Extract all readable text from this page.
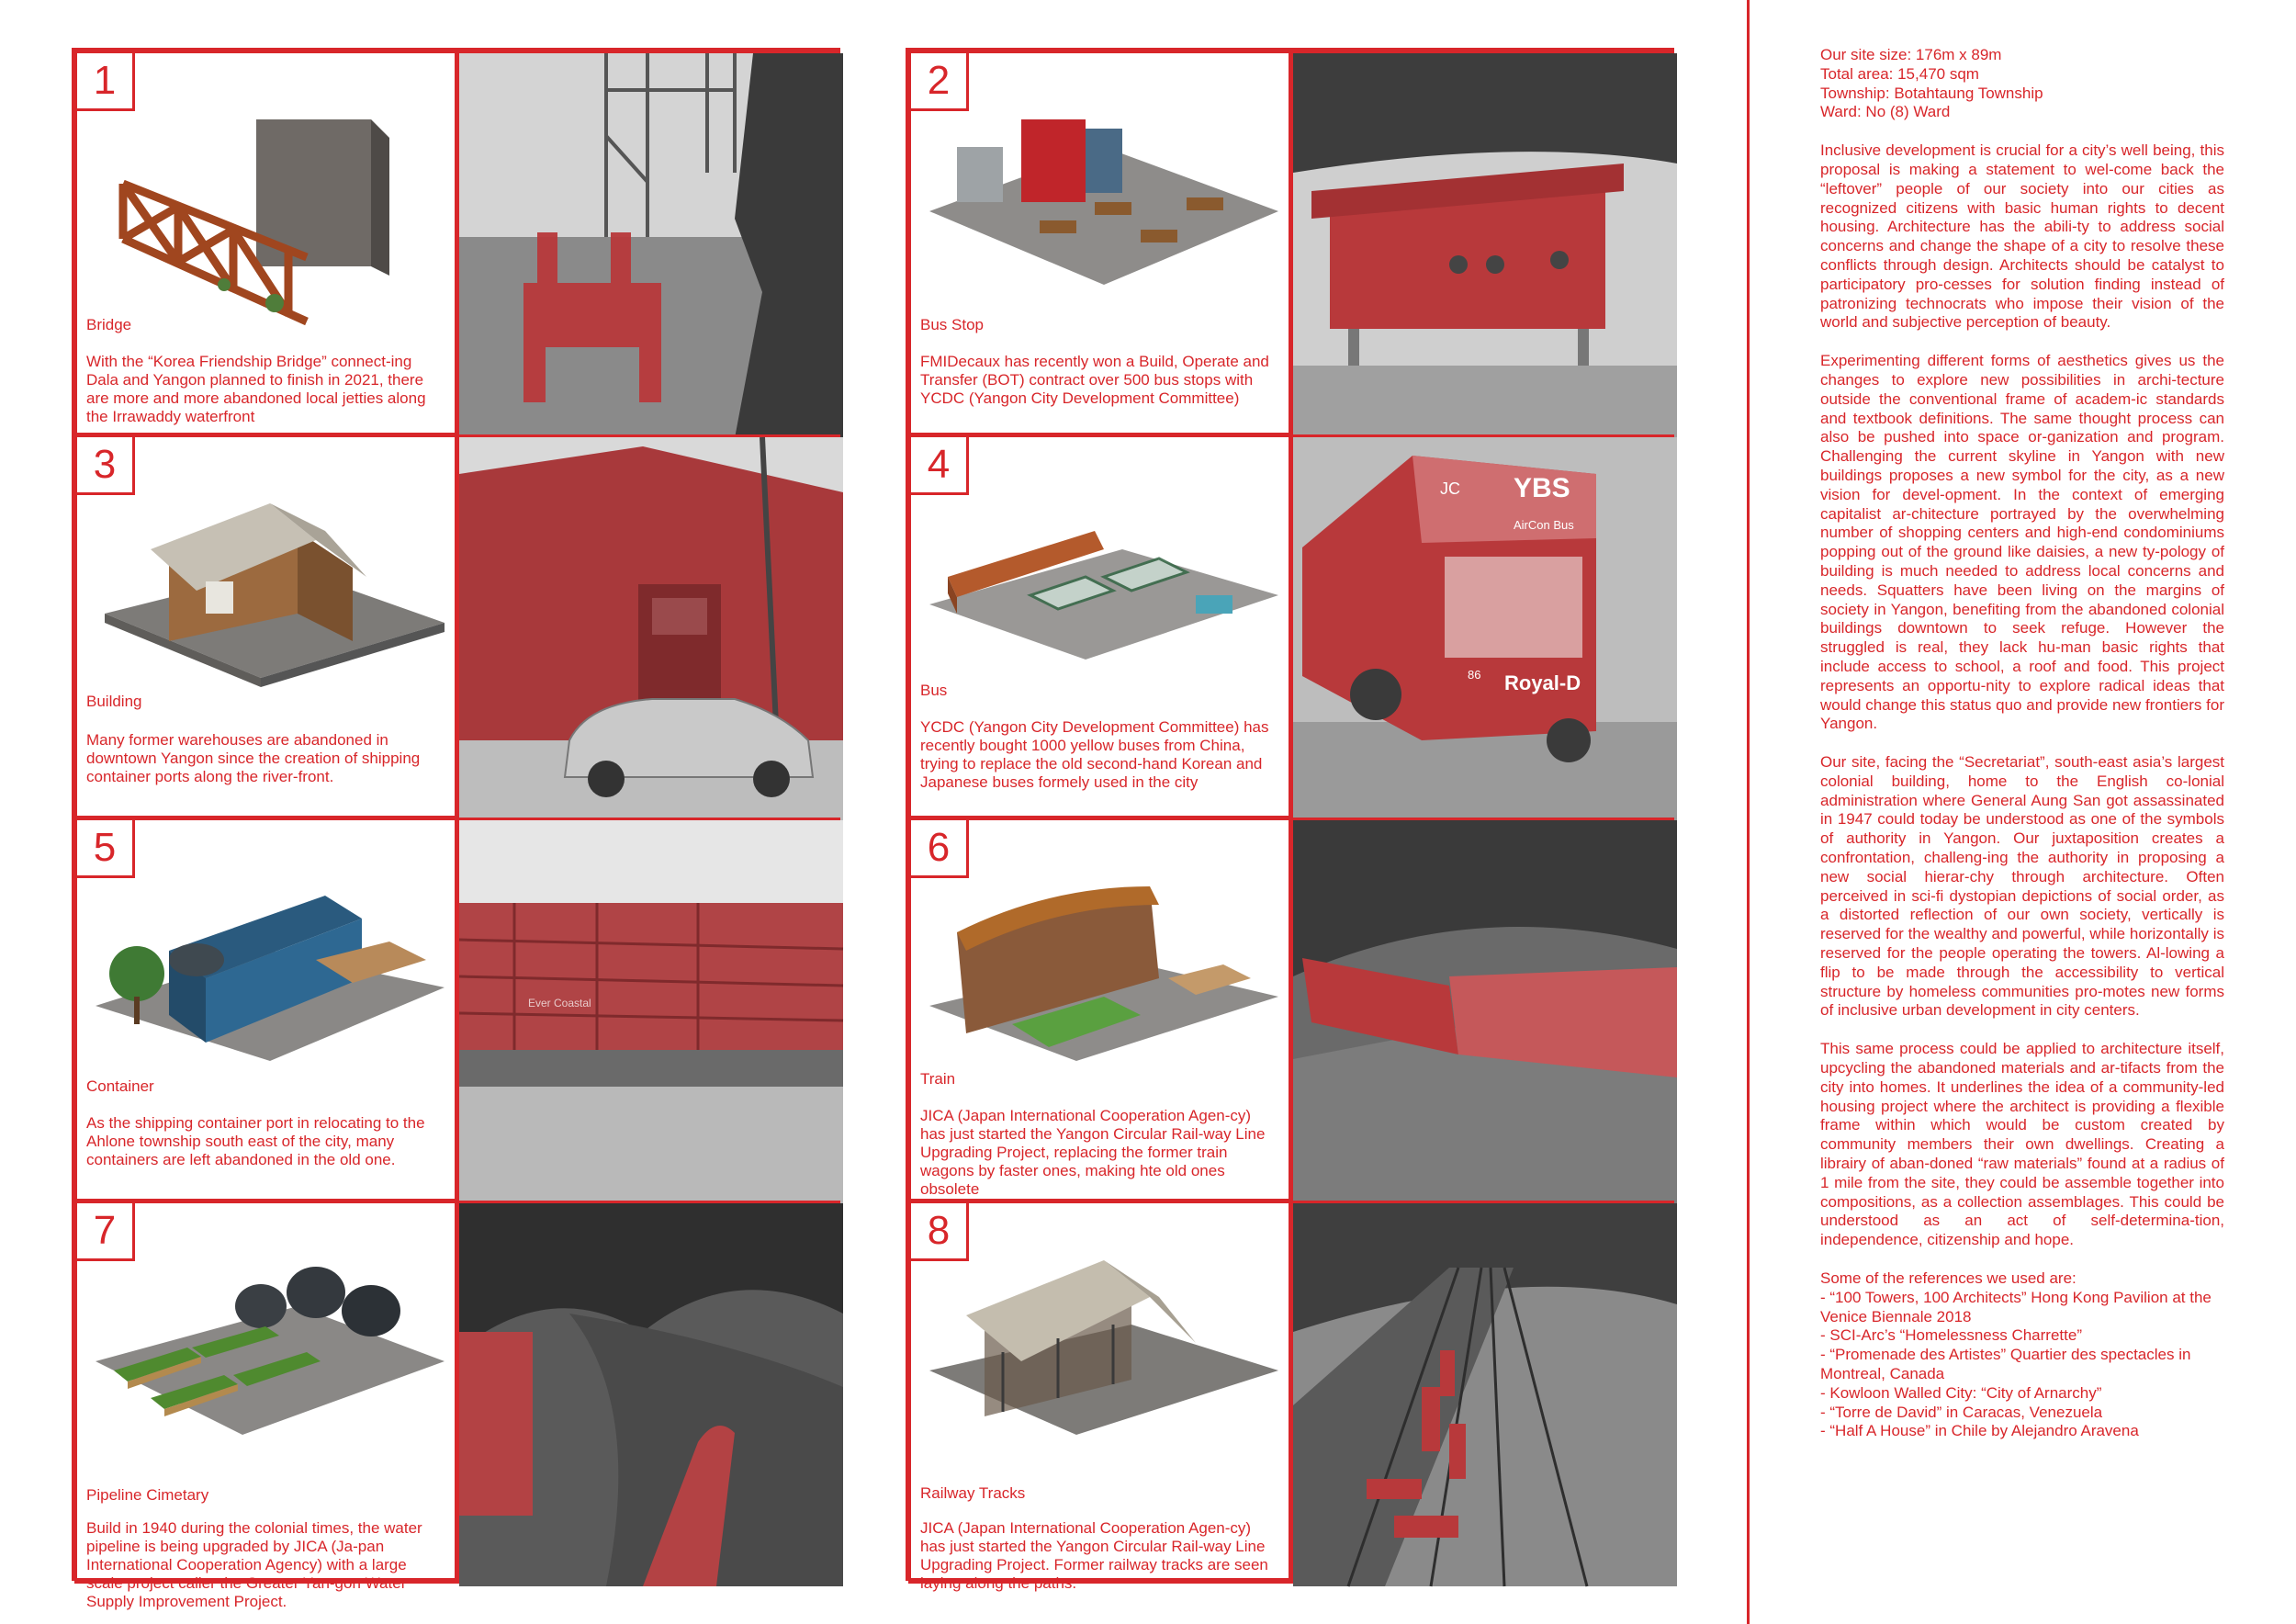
1
Bridge
With the “Korea Friendship Bridge” connect-ing Dala and Yangon planned to finish in 2021, there are more and more abandoned local jetties along the Irrawaddy waterfront
3
Building
Many former warehouses are abandoned in downtown Yangon since the creation of shipping container ports along the river-front.
5
Container
As the shipping container port in relocating to the Ahlone township south east of the city, many containers are left abandoned in the old one.
Ever Coastal
7
Pipeline Cimetary
Build in 1940 during the colonial times, the water pipeline is being upgraded by JICA (Ja-pan International Cooperation Agency) with a large scale project caller the Greater Yan-gon Water Supply Improvement Project.
2
Bus Stop
FMIDecaux has recently won a Build, Operate and Transfer (BOT) contract over 500 bus stops with YCDC (Yangon City Development Committee)
4
Bus
YCDC (Yangon City Development Committee) has recently bought 1000 yellow buses from China, trying to replace the old second-hand Korean and Japanese buses formely used in the city
YBS
JC
AirCon Bus
Royal-D
86
6
Train
JICA (Japan International Cooperation Agen-cy) has just started the Yangon Circular Rail-way Line Upgrading Project, replacing the former train wagons by faster ones, making hte old ones obsolete
8
Railway Tracks
JICA (Japan International Cooperation Agen-cy) has just started the Yangon Circular Rail-way Line Upgrading Project. Former railway tracks are seen laying along the paths.
Our site size: 176m x 89m
Total area: 15,470 sqm
Township: Botahtaung Township
Ward: No (8) Ward

Inclusive development is crucial for a city’s well being, this proposal is making a statement to wel-come back the “leftover” people of our society into our cities as recognized citizens with basic human rights to decent housing. Architecture has the abili-ty to address social concerns and change the shape of a city to resolve these conflicts through design. Architects should be catalyst to participatory pro-cesses for solution finding instead of patronizing technocrats who impose their vision of the world and subjective perception of beauty.

Experimenting different forms of aesthetics gives us the changes to explore new possibilities in archi-tecture outside the conventional frame of academ-ic standards and textbook definitions. The same thought process can also be pushed into space or-ganization and program. Challenging the current skyline in Yangon with new buildings proposes a new symbol for the city, as a new vision for devel-opment. In the context of emerging capitalist ar-chitecture portrayed by the overwhelming number of shopping centers and high-end condominiums popping out of the ground like daisies, a new ty-pology of building is much needed to address local concerns and needs. Squatters have been living on the margins of society in Yangon, benefiting from the abandoned colonial buildings downtown to seek refuge. However the struggled is real, they lack hu-man basic rights that include access to school, a roof and food. This project represents an opportu-nity to explore radical ideas that would change this status quo and provide new frontiers for Yangon.

Our site, facing the “Secretariat”, south-east asia’s largest colonial building, home to the English co-lonial administration where General Aung San got assassinated in 1947 could today be understood as one of the symbols of authority in Yangon. Our juxtaposition creates a confrontation, challeng-ing the authority in proposing a new social hierar-chy through architecture. Often perceived in sci-fi dystopian depictions of social order, as a distorted reflection of our own society, vertically is reserved for the wealthy and powerful, while horizontally is reserved for the people operating the towers. Al-lowing a flip to be made through the accessibility to vertical structure by homeless communities pro-motes new forms of inclusive urban development in city centers.

This same process could be applied to architecture itself, upcycling the abandoned materials and ar-tifacts from the city into homes. It underlines the idea of a community-led housing project where the architect is providing a flexible frame within which would be custom created by community members their own dwellings. Creating a librairy of aban-doned “raw materials” found at a radius of 1 mile from the site, they could be assemble together into compositions, as a collection assemblages. This could be understood as an act of self-determina-tion, independence, citizenship and hope.

Some of the references we used are:
- “100 Towers, 100 Architects” Hong Kong Pavilion at the Venice Biennale 2018
- SCI-Arc’s “Homelessness Charrette”
- “Promenade des Artistes” Quartier des spectacles in Montreal, Canada
- Kowloon Walled City: “City of Arnarchy”
- “Torre de David” in Caracas, Venezuela
- “Half A House” in Chile by Alejandro Aravena
